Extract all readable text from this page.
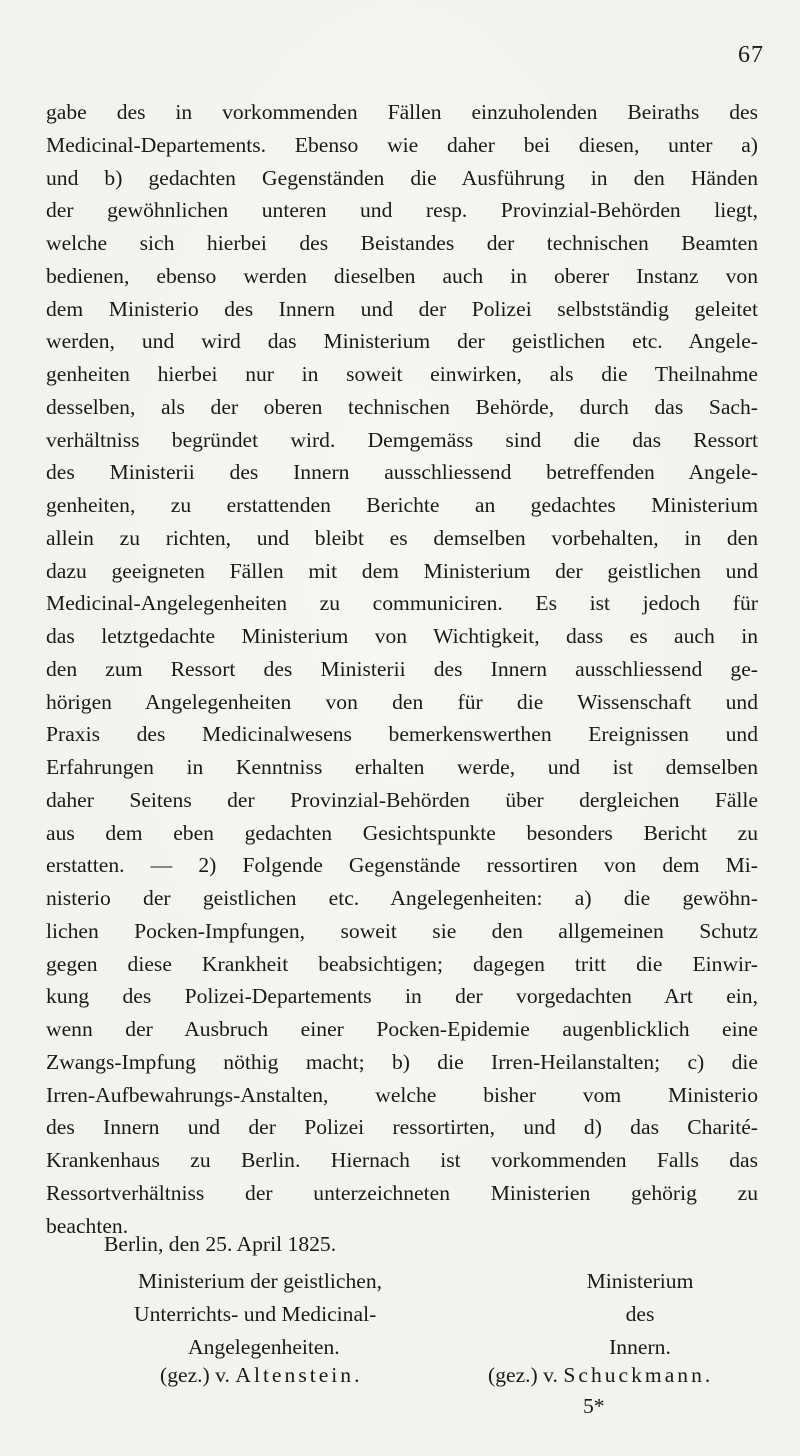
67
gabe des in vorkommenden Fällen einzuholenden Beiraths des
Medicinal-Departements. Ebenso wie daher bei diesen, unter a)
und b) gedachten Gegenständen die Ausführung in den Händen
der gewöhnlichen unteren und resp. Provinzial-Behörden liegt,
welche sich hierbei des Beistandes der technischen Beamten
bedienen, ebenso werden dieselben auch in oberer Instanz von
dem Ministerio des Innern und der Polizei selbstständig geleitet
werden, und wird das Ministerium der geistlichen etc. Angele-
genheiten hierbei nur in soweit einwirken, als die Theilnahme
desselben, als der oberen technischen Behörde, durch das Sach-
verhältniss begründet wird. Demgemäss sind die das Ressort
des Ministerii des Innern ausschliessend betreffenden Angele-
genheiten, zu erstattenden Berichte an gedachtes Ministerium
allein zu richten, und bleibt es demselben vorbehalten, in den
dazu geeigneten Fällen mit dem Ministerium der geistlichen und
Medicinal-Angelegenheiten zu communiciren. Es ist jedoch für
das letztgedachte Ministerium von Wichtigkeit, dass es auch in
den zum Ressort des Ministerii des Innern ausschliessend ge-
hörigen Angelegenheiten von den für die Wissenschaft und
Praxis des Medicinalwesens bemerkenswerthen Ereignissen und
Erfahrungen in Kenntniss erhalten werde, und ist demselben
daher Seitens der Provinzial-Behörden über dergleichen Fälle
aus dem eben gedachten Gesichtspunkte besonders Bericht zu
erstatten. — 2) Folgende Gegenstände ressortiren von dem Mi-
nisterio der geistlichen etc. Angelegenheiten: a) die gewöhn-
lichen Pocken-Impfungen, soweit sie den allgemeinen Schutz
gegen diese Krankheit beabsichtigen; dagegen tritt die Einwir-
kung des Polizei-Departements in der vorgedachten Art ein,
wenn der Ausbruch einer Pocken-Epidemie augenblicklich eine
Zwangs-Impfung nöthig macht; b) die Irren-Heilanstalten; c) die
Irren-Aufbewahrungs-Anstalten, welche bisher vom Ministerio
des Innern und der Polizei ressortirten, und d) das Charité-
Krankenhaus zu Berlin. Hiernach ist vorkommenden Falls das
Ressortverhältniss der unterzeichneten Ministerien gehörig zu
beachten.
Berlin, den 25. April 1825.
Ministerium der geistlichen,
Unterrichts- und Medicinal-
Angelegenheiten.
Ministerium
des
Innern.
(gez.) v. Altenstein.	(gez.) v. Schuckmann.
5*
